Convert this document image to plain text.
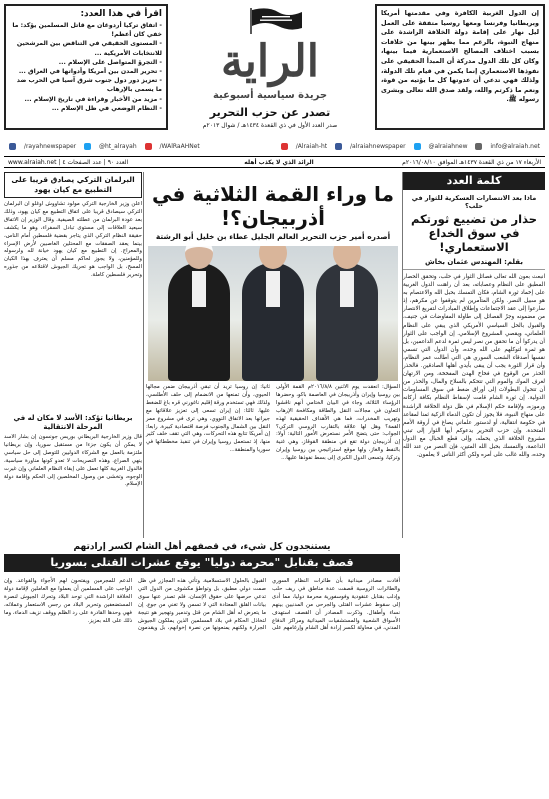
اقرأ في هذا العدد:
- اتفاق تركيا أردوغان مع قاتل المسلمين يؤكد: ما خفي كان أعظم!
- المستوى الحقيقي في التناقض بين المرشحين للانتخابات الأمريكية ...
- التجرؤ المتواصل على الإسلام ...
- تحرير المدن بين أمريكا وأدواتها في العراق ...
- تعزيز دور دول جنوب شرق آسيا في الحرب ضد ما يسمى بالإرهاب
- مزيد من الأخبار وقراءة في تاريخ الإسلام ...
- النظام الوضعي في ظل الإسلام ...
الراية
جريدة سياسية أسبوعية
تصدر عن حزب التحرير
صدر العدد الأول في ذي القعدة ١٤٣٤هـ / شوال ٢٠١٣م

إن الدول الغربية الكافرة وفي مقدمتها أمريكا وبريطانيا وفرنسا ومعها روسيا متفقة على العمل ليل نهار على إقامة دولة الخلافة الراشدة على منهاج النبوة، بالرغم مما يظهر بينها من خلافات بسبب اختلاف المصالح الاستعمارية فيما بينها، وكان كل تلك الدول مدركة أن المبدأ الحقيقي على نفوذها الاستعماري إنما يكمن في قيام تلك الدولة، ولذلك فهي تدعي أن عدوتها كل ما يؤتيه من قوة، ونعم ما ذكرتم والله، ولقد صدق الله تعالى وبشرى رسوله ﷺ.

/rayahnewspaper	@ht_alrayah	/WAlRaAHNet	/Alraiah-ht	/alraiahnewspaper	@alraiahnew	info@alraiah.net
الأربعاء ١٧ من ذي القعدة ١٤٣٧هـ الموافق ٢٠١٦/٠٨/١٠م
الرائد الذي لا يكذب أهله
www.alraiah.net | العدد ٩٠ | عدد الصفحات ٤
كلمة العدد
ماذا بعد الانتصارات العسكرية للثوار في حلب؟
حذار من تضييع ثورتكم في سوق الخداع الاستعماري!
بقلم: المهندس عثمان بخاش
انبعث بعون الله تعالى فصائل الثوار في حلب، وتحقق الحصار المطبق على النظام وعصاباته، بعد أن راهنت الدول الغربية على إخماد ثورة الشام، فكان التمسك بحبل الله والاعتصام به هو سبيل النصر. ولكن المتآمرين لم يتوقفوا عن مكرهم، إذ سارعوا إلى عقد الاجتماعات وإطلاق المبادرات لتفريغ الانتصار من مضمونه وجرّ الفصائل إلى طاولة المفاوضات في جنيف، والقبول بالحل السياسي الأمريكي الذي يبقي على النظام العلماني، ويقصي المشروع الإسلامي. إن الواجب على الثوار أن يدركوا أن ما تحقق من نصر ليس ثمرة لدعم الداعمين، بل هو ثمرة لتوكلهم على الله وحده، وأن الدول التي تسمي نفسها أصدقاء الشعب السوري هي التي أطالت عمر النظام، وأن قرار الثورة يجب أن يبقى بأيدي أهلها الصادقين. فالحذر الحذر من الوقوع في فخاخ الهدن المفخخة، ومن الارتهان لغرف الموك والموم التي تتحكم بالسلاح والمال، والحذر من أن تتحول البطولات إلى أوراق ضغط في سوق المساومات الدولية. إن ثورة الشام قامت لإسقاط النظام بكافة أركانه ورموزه، ولإقامة حكم الإسلام في ظل دولة الخلافة الراشدة على منهاج النبوة، فلا يجوز أن تكون الدماء الزكية ثمنا لمقاعد في حكومة انتقالية، أو لدستور علماني يصاغ في أروقة الأمم المتحدة. وإن حزب التحرير يدعوكم أيها الثوار إلى تبني مشروع الخلافة الذي يحمله، وإلى قطع الحبال مع الدول الداعمة، والتمسك بحبل الله المتين، فإن النصر من عند الله وحده، والله غالب على أمره ولكن أكثر الناس لا يعلمون.
ما وراء القمة الثلاثية في أذربيجان؟!
أصدره أمير حزب التحرير العالم الجليل عطاء بن خليل أبو الرشتة
السؤال: انعقدت يوم الاثنين ٢٠١٦/٨/٨م القمة الأولى بين روسيا وإيران وأذربيجان في العاصمة باكو، وحضرها الرؤساء الثلاثة، وجاء في البيان الختامي أنهم ناقشوا التعاون في مجالات النقل والطاقة ومكافحة الإرهاب وتهريب المخدرات، فما هي الأهداف الحقيقية لهذه القمة؟ وهل لها علاقة بالتقارب الروسي التركي؟ الجواب: حتى يتضح الأمر نستعرض الأمور التالية: أولا: إن أذربيجان دولة تقع في منطقة القوقاز، وهي غنية بالنفط والغاز، ولها موقع استراتيجي بين روسيا وإيران وتركيا، وتسعى الدول الكبرى إلى بسط نفوذها عليها...
ثانيا: إن روسيا تريد أن تبقي أذربيجان ضمن مجالها الحيوي، وأن تمنعها من الانضمام إلى حلف الأطلسي، ولذلك فهي تستخدم ورقة إقليم ناغورني قره باغ للضغط عليها. ثالثا: إن إيران تسعى إلى تعزيز علاقاتها مع جيرانها بعد الاتفاق النووي، وهي ترى في مشروع ممر النقل بين الشمال والجنوب فرصة اقتصادية كبيرة. رابعا: إن أمريكا تتابع هذه التحركات، وهي التي تقف خلف كثير منها، إذ تستعمل روسيا وإيران في تنفيذ مخططاتها في سوريا والمنطقة...
البرلمان التركي يصادق قريبا على التطبيع مع كيان يهود
أعلن وزير الخارجية التركي مولود تشاووش أوغلو أن البرلمان التركي سيصادق قريبا على اتفاق التطبيع مع كيان يهود، وذلك بعد عودة البرلمان من عطلته الصيفية. وقال الوزير إن الاتفاق سيعيد العلاقات إلى مستوى تبادل السفراء، وهو ما يكشف حقيقة النظام التركي الذي يتاجر بقضية فلسطين أمام الناس، بينما يعقد الصفقات مع المحتلين الغاصبين لأرض الإسراء والمعراج. إن التطبيع مع كيان يهود خيانة لله ولرسوله وللمؤمنين، ولا يجوز لحاكم مسلم أن يعترف بهذا الكيان المسخ، بل الواجب هو تحريك الجيوش لاقتلاعه من جذوره وتحرير فلسطين كاملة.
بريطانيا تؤكد: الأسد لا مكان له في المرحلة الانتقالية
قال وزير الخارجية البريطاني بوريس جونسون إن بشار الأسد لا يمكن أن يكون جزءا من مستقبل سوريا، وإن بريطانيا ملتزمة بالعمل مع الشركاء الدوليين للتوصل إلى حل سياسي ينهي الصراع. وهذه التصريحات لا تعدو كونها مناورة سياسية، فالدول الغربية كلها تعمل على إبقاء النظام العلماني وإن غيرت الوجوه، وتخشى من وصول المخلصين إلى الحكم وإقامة دولة الإسلام.
يستنجدون كل شيء، في قصفهم أهل الشام لكسر إرادتهم
قصف بقنابل "محرمة دوليا" يوقع عشرات القتلى بسوريا
أفادت مصادر ميدانية بأن طائرات النظام السوري والطائرات الروسية قصفت عدة مناطق في ريف حلب وإدلب بقنابل عنقودية وفوسفورية محرمة دوليا، مما أدى إلى سقوط عشرات القتلى والجرحى من المدنيين بينهم نساء وأطفال. وذكرت المصادر أن القصف استهدف الأسواق الشعبية والمستشفيات الميدانية ومراكز الدفاع المدني، في محاولة لكسر إرادة أهل الشام وإرغامهم على القبول بالحلول الاستسلامية. وتأتي هذه المجازر في ظل صمت دولي مطبق، بل وتواطؤ مكشوف من الدول التي تدعي حرصها على حقوق الإنسان، فلم تصدر عنها سوى بيانات القلق المعتادة التي لا تسمن ولا تغني من جوع. إن ما يتعرض له أهل الشام من قتل وتدمير وتهجير هو نتيجة لتخاذل الحكام في بلاد المسلمين الذين يملكون الجيوش الجرارة ولكنهم يمنعونها من نصرة إخوانهم، بل ويقدمون الدعم للمجرمين ويفتحون لهم الأجواء والقواعد. وإن الواجب على المسلمين أن يعملوا مع العاملين لإقامة دولة الخلافة الراشدة التي توحد البلاد وتحرك الجيوش لنصرة المستضعفين وتحرير البلاد من رجس الاستعمار وعملائه، فهي وحدها القادرة على رد الظلم ووقف نزيف الدماء، وما ذلك على الله بعزيز.
